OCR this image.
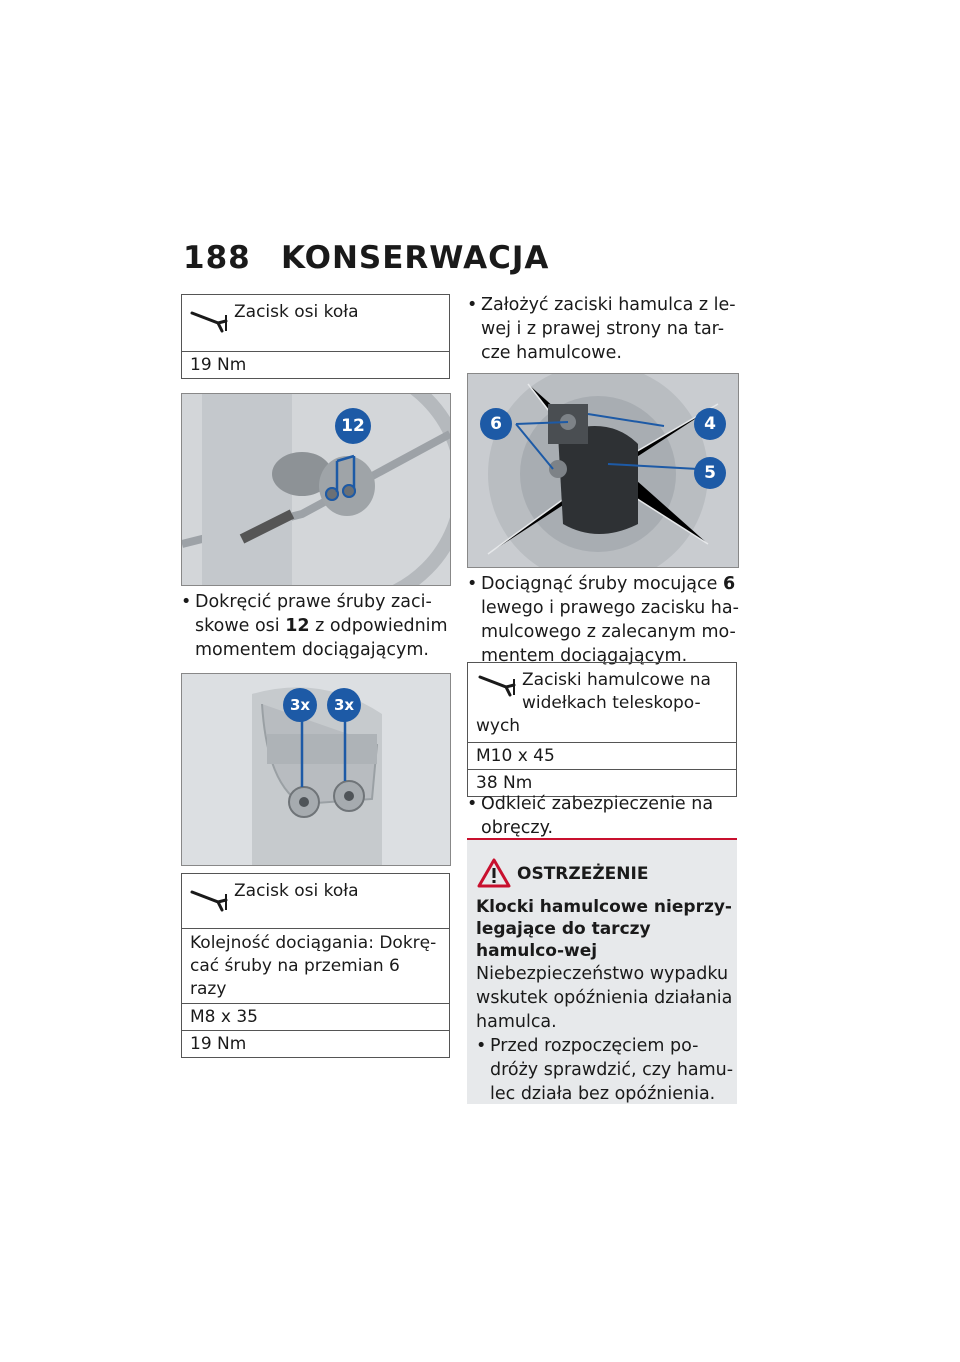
188 KONSERWACJA
Zacisk osi koła
19 Nm
12
• Dokręcić prawe śruby zaci-skowe osi 12 z odpowiednim momentem dociągającym.
3x	3x
Zacisk osi koła
Kolejność dociągania: Dokrę-cać śruby na przemian 6 razy
M8 x 35
19 Nm
• Założyć zaciski hamulca z le-wej i z prawej strony na tar-cze hamulcowe.
6	4
5
• Dociągnąć śruby mocujące 6 lewego i prawego zacisku ha-mulcowego z zalecanym mo-mentem dociągającym.
Zaciski hamulcowe na widełkach teleskopo-wych
M10 x 45
38 Nm
• Odkleić zabezpieczenie na obręczy.
OSTRZEŻENIE
Klocki hamulcowe nieprzy-legające do tarczy hamulco-wej
Niebezpieczeństwo wypadku wskutek opóźnienia działania hamulca.
• Przed rozpoczęciem po-dróży sprawdzić, czy hamu-lec działa bez opóźnienia.
